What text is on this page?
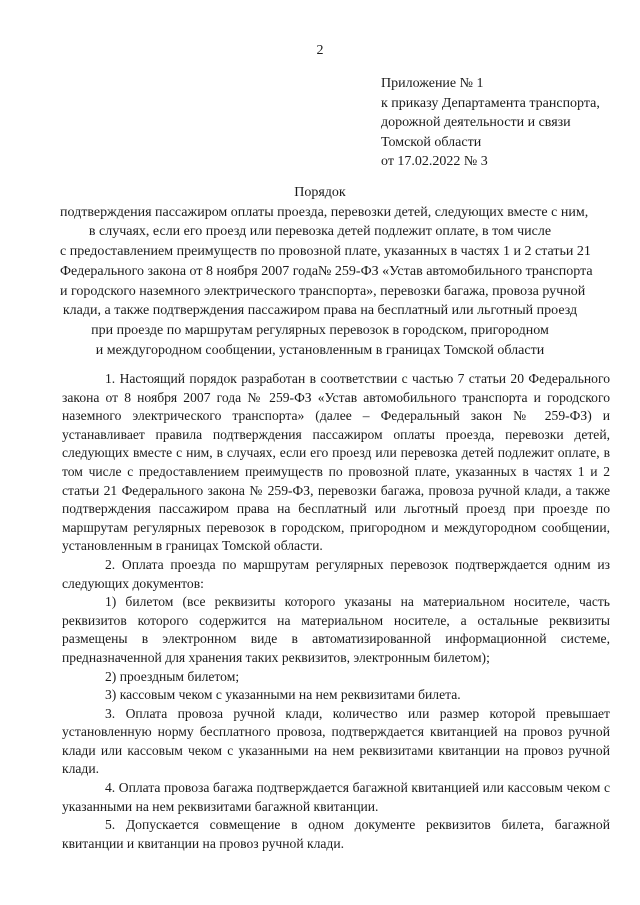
2
Приложение № 1
к приказу Департамента транспорта,
дорожной деятельности и связи
Томской области
от 17.02.2022 № 3
Порядок
подтверждения пассажиром оплаты проезда, перевозки детей, следующих вместе с ним,
в случаях, если его проезд или перевозка детей подлежит оплате, в том числе
с предоставлением преимуществ по провозной плате, указанных в частях 1 и 2 статьи 21
Федерального закона от 8 ноября 2007 года№ 259-ФЗ «Устав автомобильного транспорта
и городского наземного электрического транспорта», перевозки багажа, провоза ручной
клади, а также подтверждения пассажиром права на бесплатный или льготный проезд
при проезде по маршрутам регулярных перевозок в городском, пригородном
и междугородном сообщении, установленным в границах Томской области

1. Настоящий порядок разработан в соответствии с частью 7 статьи 20 Федерального закона от 8 ноября 2007 года № 259-ФЗ «Устав автомобильного транспорта и городского наземного электрического транспорта» (далее – Федеральный закон № 259-ФЗ) и устанавливает правила подтверждения пассажиром оплаты проезда, перевозки детей, следующих вместе с ним, в случаях, если его проезд или перевозка детей подлежит оплате, в том числе с предоставлением преимуществ по провозной плате, указанных в частях 1 и 2 статьи 21 Федерального закона № 259-ФЗ, перевозки багажа, провоза ручной клади, а также подтверждения пассажиром права на бесплатный или льготный проезд при проезде по маршрутам регулярных перевозок в городском, пригородном и междугородном сообщении, установленным в границах Томской области.

2. Оплата проезда по маршрутам регулярных перевозок подтверждается одним из следующих документов:

1) билетом (все реквизиты которого указаны на материальном носителе, часть реквизитов которого содержится на материальном носителе, а остальные реквизиты размещены в электронном виде в автоматизированной информационной системе, предназначенной для хранения таких реквизитов, электронным билетом);

2) проездным билетом;

3) кассовым чеком с указанными на нем реквизитами билета.

3. Оплата провоза ручной клади, количество или размер которой превышает установленную норму бесплатного провоза, подтверждается квитанцией на провоз ручной клади или кассовым чеком с указанными на нем реквизитами квитанции на провоз ручной клади.

4. Оплата провоза багажа подтверждается багажной квитанцией или кассовым чеком с указанными на нем реквизитами багажной квитанции.

5. Допускается совмещение в одном документе реквизитов билета, багажной квитанции и квитанции на провоз ручной клади.
